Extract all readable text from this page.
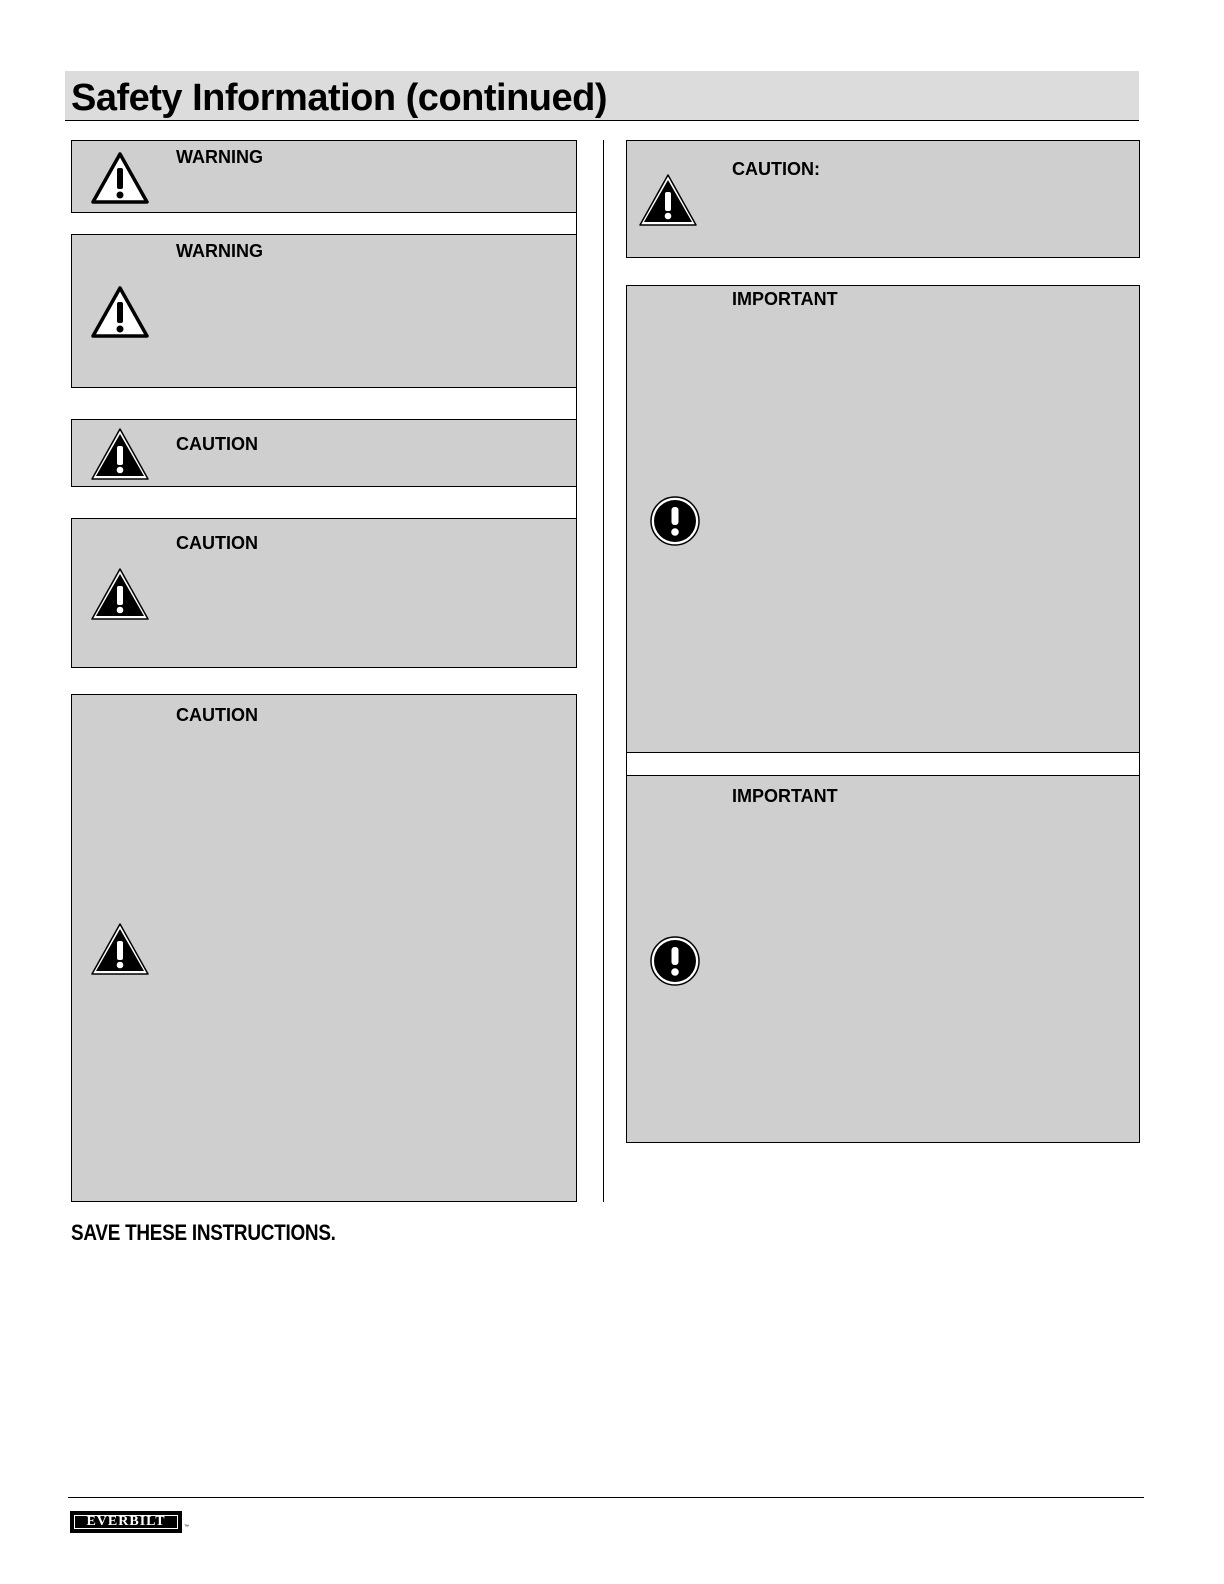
Safety Information (continued)
WARNING
WARNING
CAUTION
CAUTION
CAUTION
CAUTION:
IMPORTANT
IMPORTANT
SAVE THESE INSTRUCTIONS.
EVERBILT	™
